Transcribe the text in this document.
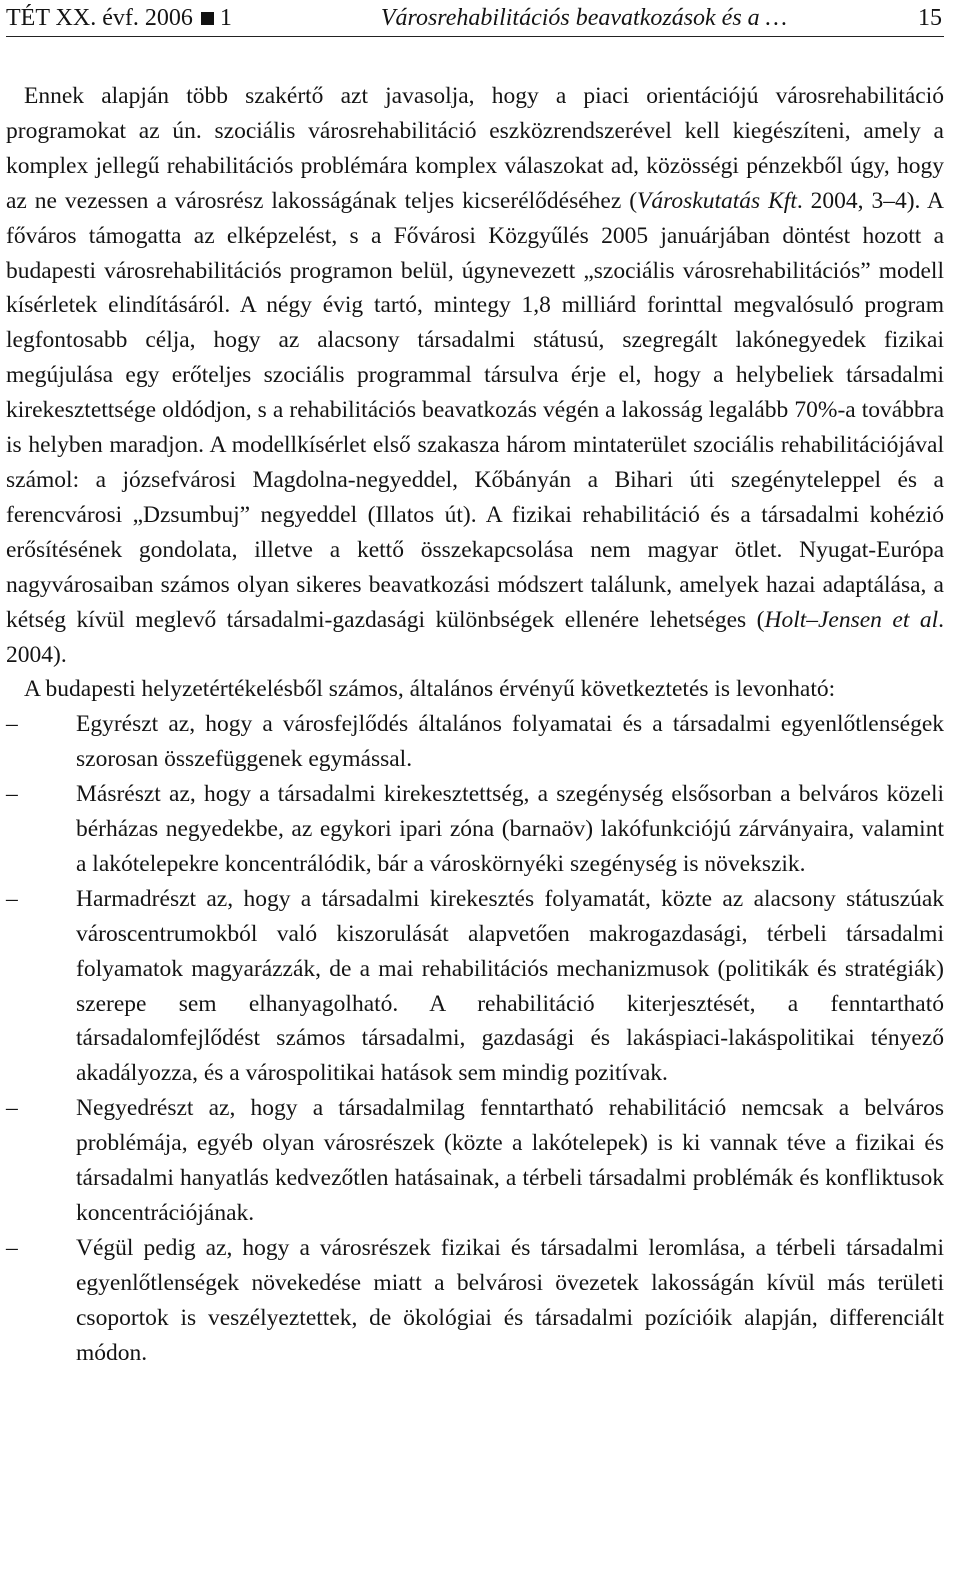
TÉT XX. évf. 2006 1	Városrehabilitációs beavatkozások és a …	15

Ennek alapján több szakértő azt javasolja, hogy a piaci orientációjú városrehabilitáció programokat az ún. szociális városrehabilitáció eszközrendszerével kell kiegészíteni, amely a komplex jellegű rehabilitációs problémára komplex válaszokat ad, közösségi pénzekből úgy, hogy az ne vezessen a városrész lakosságának teljes kicserélődéséhez (Városkutatás Kft. 2004, 3–4). A főváros támogatta az elképzelést, s a Fővárosi Közgyűlés 2005 januárjában döntést hozott a budapesti városrehabilitációs programon belül, úgynevezett „szociális városrehabilitációs” modell kísérletek elindításáról. A négy évig tartó, mintegy 1,8 milliárd forinttal megvalósuló program legfontosabb célja, hogy az alacsony társadalmi státusú, szegregált lakónegyedek fizikai megújulása egy erőteljes szociális programmal társulva érje el, hogy a helybeliek társadalmi kirekesztettsége oldódjon, s a rehabilitációs beavatkozás végén a lakosság legalább 70%-a továbbra is helyben maradjon. A modellkísérlet első szakasza három mintaterület szociális rehabilitációjával számol: a józsefvárosi Magdolna-negyeddel, Kőbányán a Bihari úti szegényteleppel és a ferencvárosi „Dzsumbuj” negyeddel (Illatos út). A fizikai rehabilitáció és a társadalmi kohézió erősítésének gondolata, illetve a kettő összekapcsolása nem magyar ötlet. Nyugat-Európa nagyvárosaiban számos olyan sikeres beavatkozási módszert találunk, amelyek hazai adaptálása, a kétség kívül meglevő társadalmi-gazdasági különbségek ellenére lehetséges (Holt–Jensen et al. 2004).

A budapesti helyzetértékelésből számos, általános érvényű következtetés is levonható:

–	Egyrészt az, hogy a városfejlődés általános folyamatai és a társadalmi egyenlőtlenségek szorosan összefüggenek egymással.
–	Másrészt az, hogy a társadalmi kirekesztettség, a szegénység elsősorban a belváros közeli bérházas negyedekbe, az egykori ipari zóna (barnaöv) lakófunkciójú zárványaira, valamint a lakótelepekre koncentrálódik, bár a városkörnyéki szegénység is növekszik.
–	Harmadrészt az, hogy a társadalmi kirekesztés folyamatát, közte az alacsony státuszúak városcentrumokból való kiszorulását alapvetően makrogazdasági, térbeli társadalmi folyamatok magyarázzák, de a mai rehabilitációs mechanizmusok (politikák és stratégiák) szerepe sem elhanyagolható. A rehabilitáció kiterjesztését, a fenntartható társadalomfejlődést számos társadalmi, gazdasági és lakáspiaci-lakáspolitikai tényező akadályozza, és a várospolitikai hatások sem mindig pozitívak.
–	Negyedrészt az, hogy a társadalmilag fenntartható rehabilitáció nemcsak a belváros problémája, egyéb olyan városrészek (közte a lakótelepek) is ki vannak téve a fizikai és társadalmi hanyatlás kedvezőtlen hatásainak, a térbeli társadalmi problémák és konfliktusok koncentrációjának.
–	Végül pedig az, hogy a városrészek fizikai és társadalmi leromlása, a térbeli társadalmi egyenlőtlenségek növekedése miatt a belvárosi övezetek lakosságán kívül más területi csoportok is veszélyeztettek, de ökológiai és társadalmi pozícióik alapján, differenciált módon.
